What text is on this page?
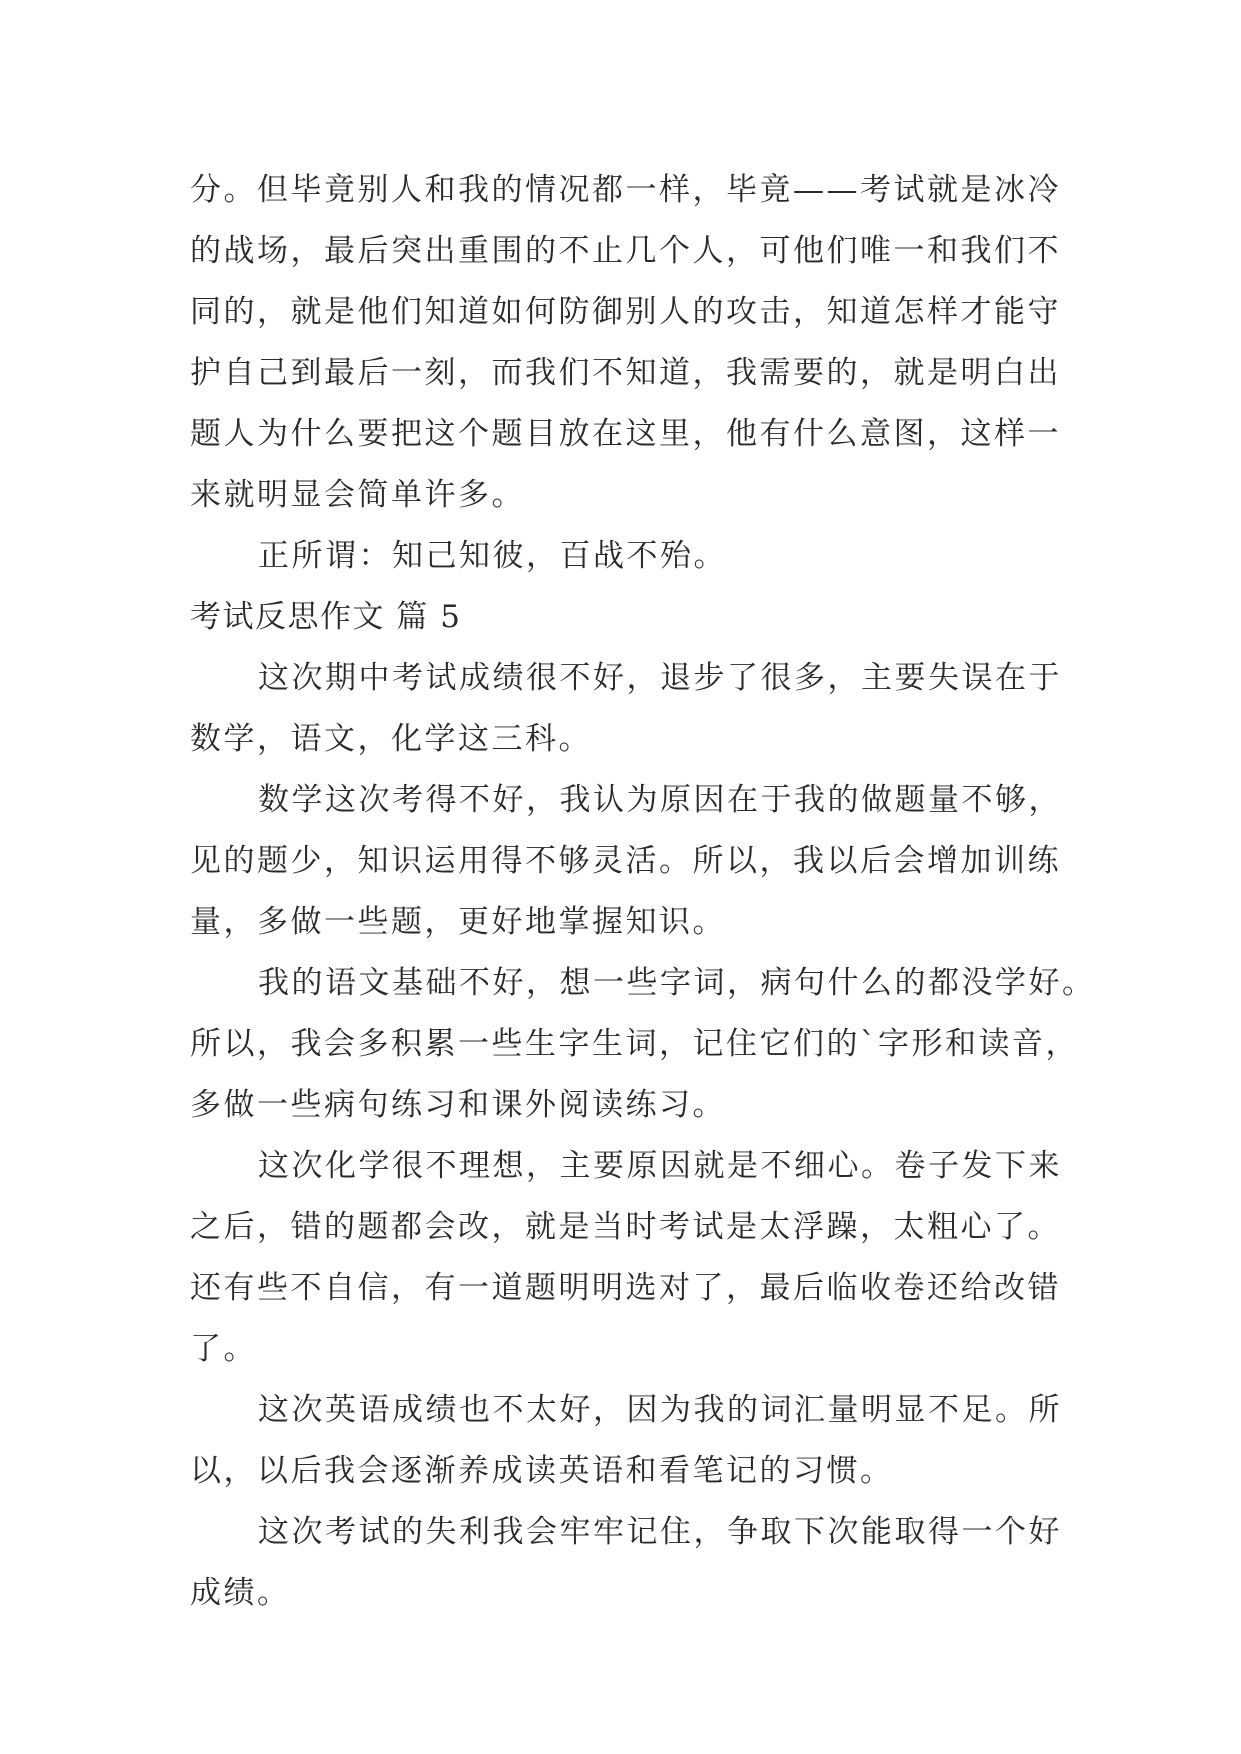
分。但毕竟别人和我的情况都一样，毕竟——考试就是冰冷

的战场，最后突出重围的不止几个人，可他们唯一和我们不

同的，就是他们知道如何防御别人的攻击，知道怎样才能守

护自己到最后一刻，而我们不知道，我需要的，就是明白出

题人为什么要把这个题目放在这里，他有什么意图，这样一

来就明显会简单许多。

正所谓：知己知彼，百战不殆。

考试反思作文 篇 5

这次期中考试成绩很不好，退步了很多，主要失误在于

数学，语文，化学这三科。

数学这次考得不好，我认为原因在于我的做题量不够，

见的题少，知识运用得不够灵活。所以，我以后会增加训练

量，多做一些题，更好地掌握知识。

我的语文基础不好，想一些字词，病句什么的都没学好。

所以，我会多积累一些生字生词，记住它们的`字形和读音，

多做一些病句练习和课外阅读练习。

这次化学很不理想，主要原因就是不细心。卷子发下来

之后，错的题都会改，就是当时考试是太浮躁，太粗心了。

还有些不自信，有一道题明明选对了，最后临收卷还给改错

了。

这次英语成绩也不太好，因为我的词汇量明显不足。所

以，以后我会逐渐养成读英语和看笔记的习惯。

这次考试的失利我会牢牢记住，争取下次能取得一个好

成绩。
